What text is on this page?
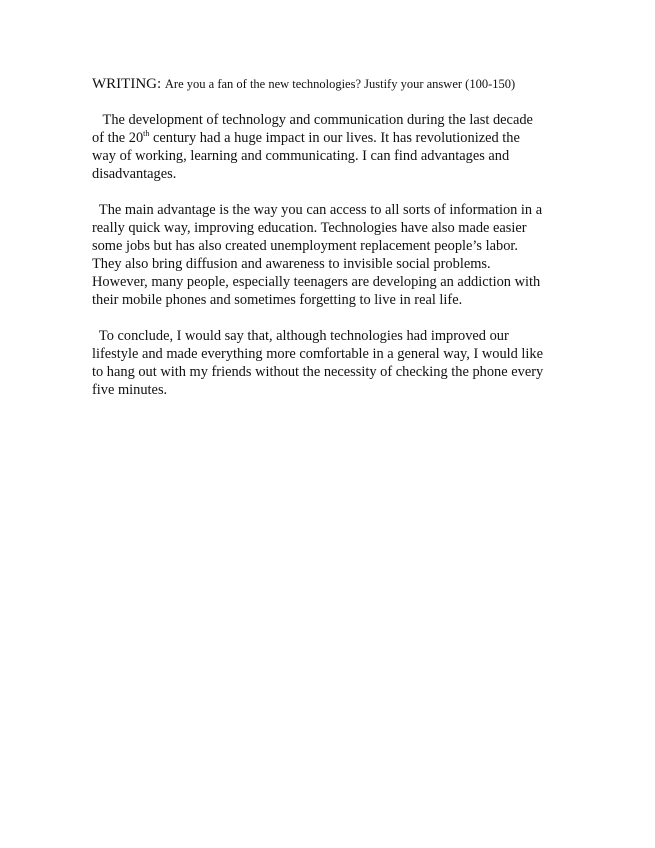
WRITING: Are you a fan of the new technologies? Justify your answer (100-150)
The development of technology and communication during the last decade
of the 20th century had a huge impact in our lives. It has revolutionized the
way of working, learning and communicating. I can find advantages and
disadvantages.
The main advantage is the way you can access to all sorts of information in a
really quick way, improving education. Technologies have also made easier
some jobs but has also created unemployment replacement people’s labor.
They also bring diffusion and awareness to invisible social problems.
However, many people, especially teenagers are developing an addiction with
their mobile phones and sometimes forgetting to live in real life.
To conclude, I would say that, although technologies had improved our
lifestyle and made everything more comfortable in a general way, I would like
to hang out with my friends without the necessity of checking the phone every
five minutes.
